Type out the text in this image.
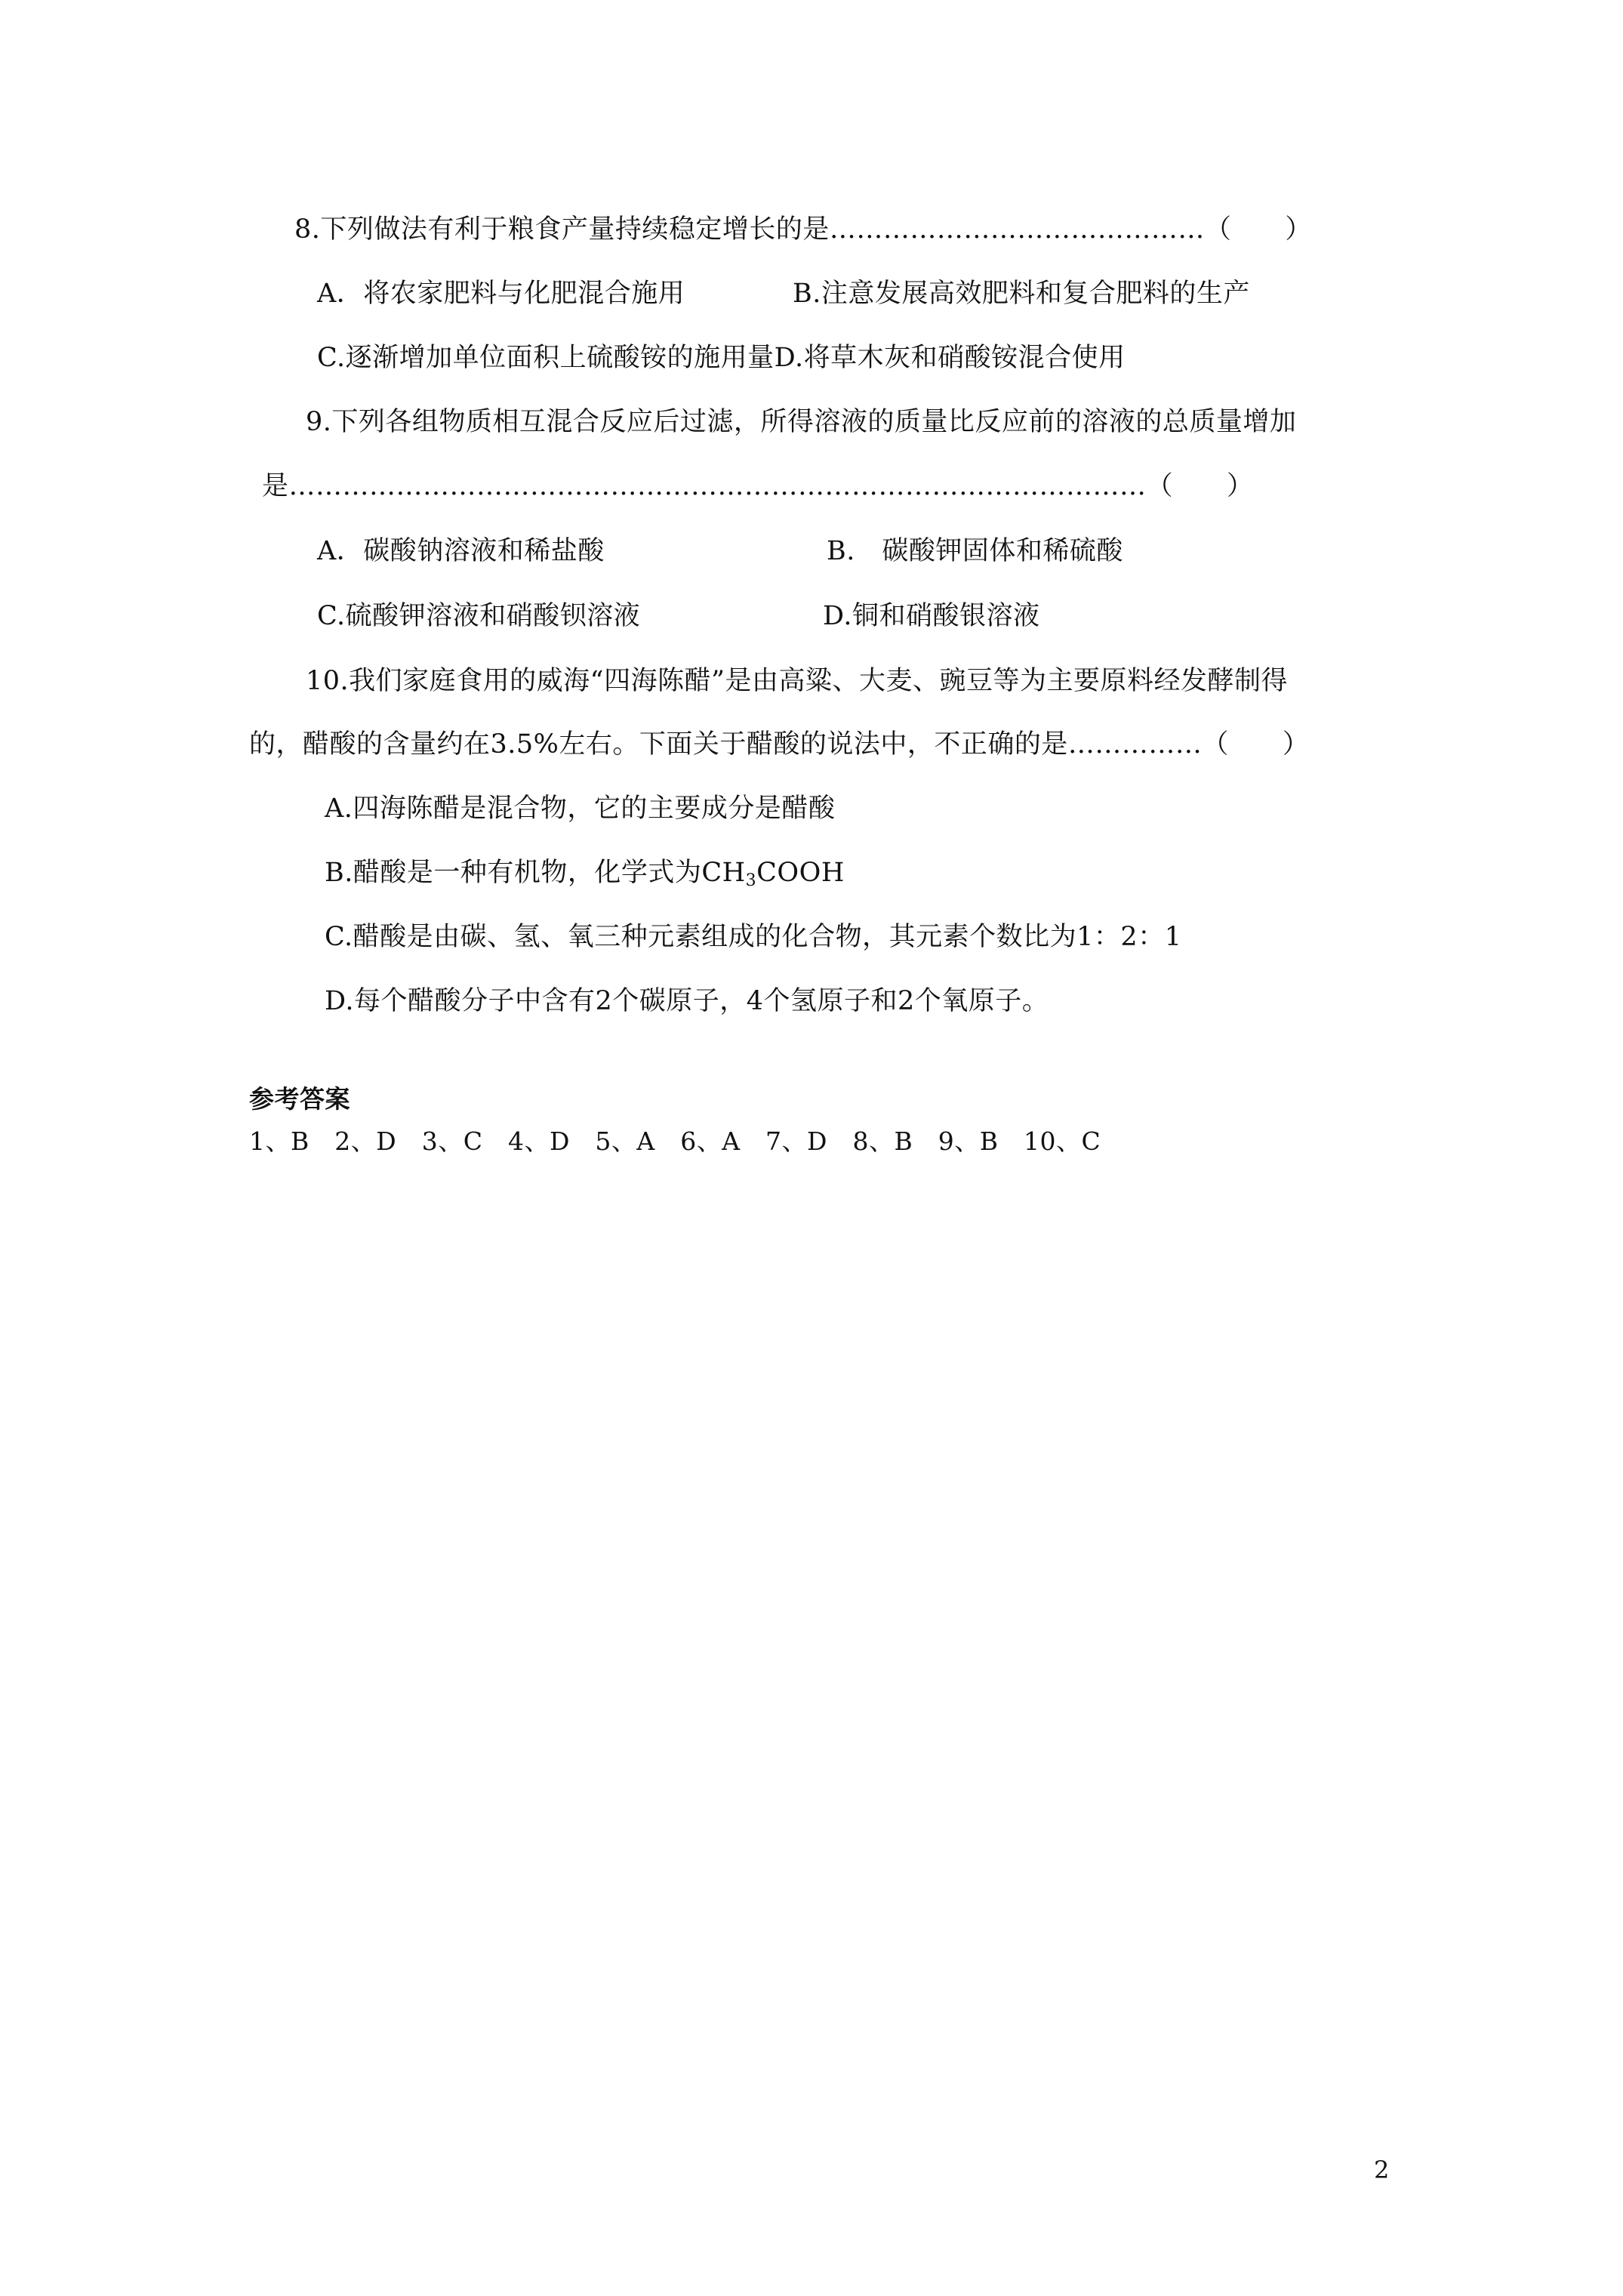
8.下列做法有利于粮食产量持续稳定增长的是……………………………………（　　）
A．将农家肥料与化肥混合施用	B.注意发展高效肥料和复合肥料的生产
C.逐渐增加单位面积上硫酸铵的施用量D.将草木灰和硝酸铵混合使用
9.下列各组物质相互混合反应后过滤，所得溶液的质量比反应前的溶液的总质量增加
是……………………………………………………………………………………（　　）
A．碳酸钠溶液和稀盐酸	B.　碳酸钾固体和稀硫酸
C.硫酸钾溶液和硝酸钡溶液	D.铜和硝酸银溶液
10.我们家庭食用的威海“四海陈醋”是由高粱、大麦、豌豆等为主要原料经发酵制得
的，醋酸的含量约在3.5%左右。下面关于醋酸的说法中，不正确的是……………（　　）
A.四海陈醋是混合物，它的主要成分是醋酸
B.醋酸是一种有机物，化学式为$CH_3COOH$
C.醋酸是由碳、氢、氧三种元素组成的化合物，其元素个数比为1：2：1
D.每个醋酸分子中含有2个碳原子，4个氢原子和2个氧原子。
参考答案
1、B　2、D　3、C　4、D　5、A　6、A　7、D　8、B　9、B　10、C
2
